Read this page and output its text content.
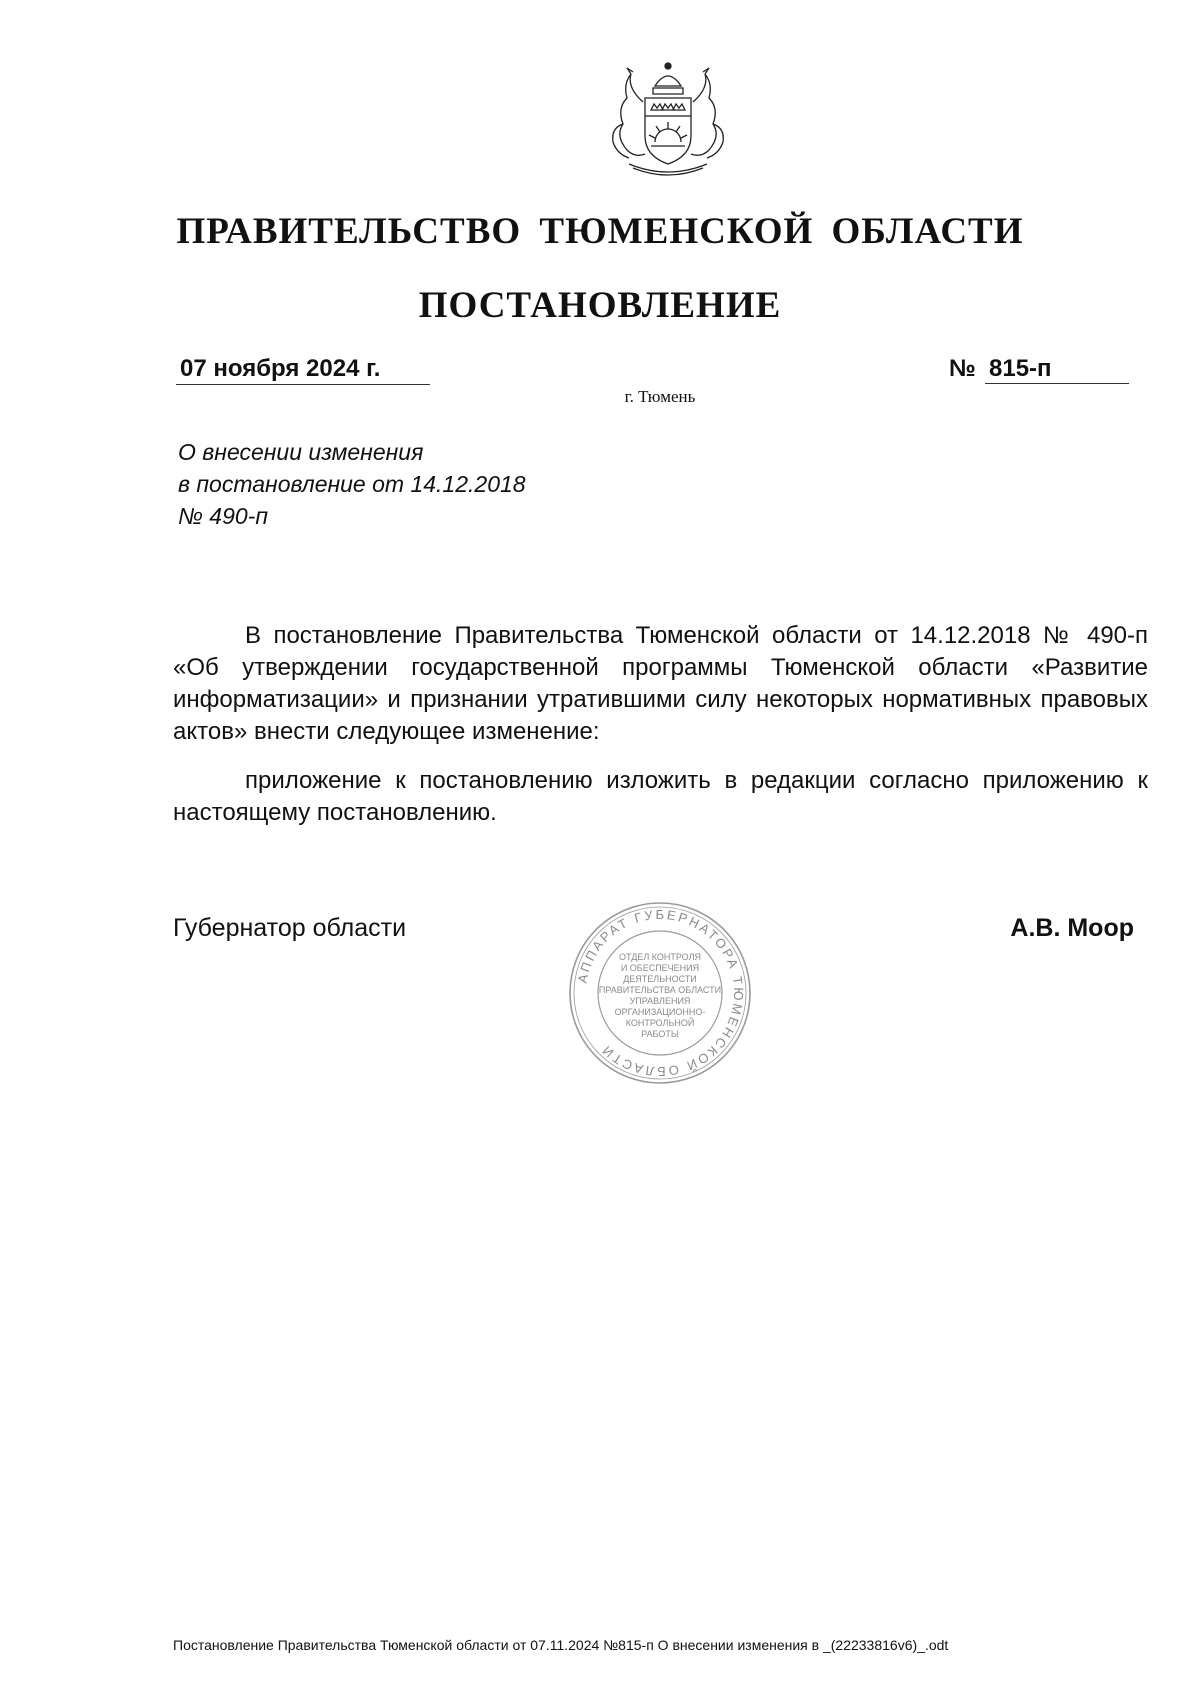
ПРАВИТЕЛЬСТВО ТЮМЕНСКОЙ ОБЛАСТИ
ПОСТАНОВЛЕНИЕ
07 ноября 2024 г.	№ 815-п
г. Тюмень
О внесении изменения
в постановление от 14.12.2018
№ 490-п

В постановление Правительства Тюменской области от 14.12.2018 № 490-п «Об утверждении государственной программы Тюменской области «Развитие информатизации» и признании утратившими силу некоторых нормативных правовых актов» внести следующее изменение:

приложение к постановлению изложить в редакции согласно приложению к настоящему постановлению.

Губернатор области	А.В. Моор
АППАРАТ ГУБЕРНАТОРА ТЮМЕНСКОЙ ОБЛАСТИ
ОТДЕЛ КОНТРОЛЯ
И ОБЕСПЕЧЕНИЯ
ДЕЯТЕЛЬНОСТИ
ПРАВИТЕЛЬСТВА ОБЛАСТИ
УПРАВЛЕНИЯ
ОРГАНИЗАЦИОННО-
КОНТРОЛЬНОЙ
РАБОТЫ
Постановление Правительства Тюменской области от 07.11.2024 №815-п О внесении изменения в _(22233816v6)_.odt
